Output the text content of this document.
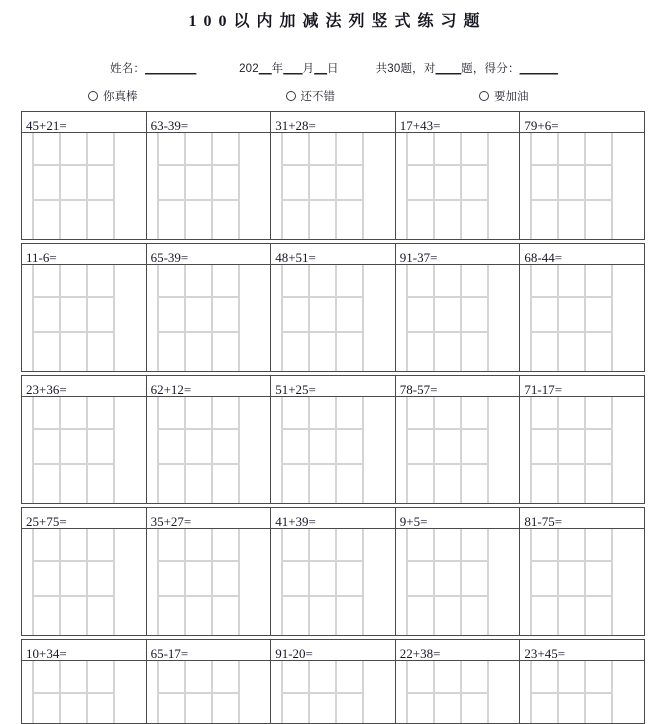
100以内加减法列竖式练习题
姓名：________	202__年___月__日	共30题，对____题，得分：______
你真棒	还不错	要加油
45+21=	63-39=	31+28=	17+43=	79+6=
11-6=	65-39=	48+51=	91-37=	68-44=
23+36=	62+12=	51+25=	78-57=	71-17=
25+75=	35+27=	41+39=	9+5=	81-75=
10+34=	65-17=	91-20=	22+38=	23+45=
